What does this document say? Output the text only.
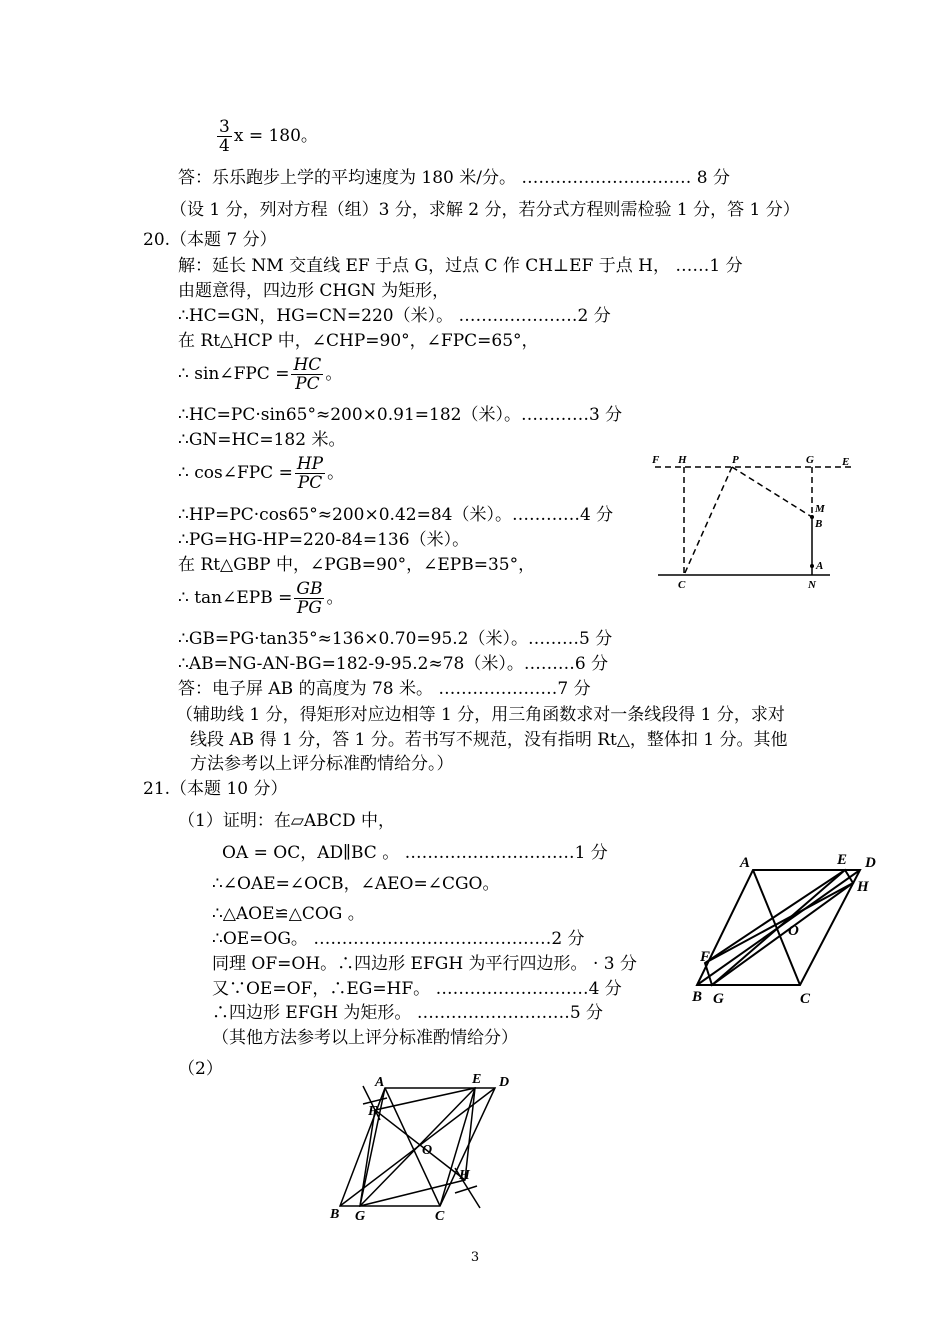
$\frac{3}{4}$ x = 180。
答：乐乐跑步上学的平均速度为 180 米/分。 ………………………… 8 分
（设 1 分，列对方程（组）3 分，求解 2 分，若分式方程则需检验 1 分，答 1 分）
20.（本题 7 分）
解：延长 NM 交直线 EF 于点 G，过点 C 作 CH⊥EF 于点 H， ……1 分
由题意得，四边形 CHGN 为矩形，
∴HC=GN，HG=CN=220（米）。 …………………2 分
在 Rt△HCP 中，∠CHP=90°，∠FPC=65°，
∴ sin∠FPC = $\frac{HC}{PC}$ 。
∴HC=PC·sin65°≈200×0.91=182（米）。…………3 分
∴GN=HC=182 米。
∴ cos∠FPC = $\frac{HP}{PC}$ 。
∴HP=PC·cos65°≈200×0.42=84（米）。…………4 分
∴PG=HG-HP=220-84=136（米）。
在 Rt△GBP 中，∠PGB=90°，∠EPB=35°，
∴ tan∠EPB = $\frac{GB}{PG}$ 。
∴GB=PG·tan35°≈136×0.70=95.2（米）。………5 分
∴AB=NG-AN-BG=182-9-95.2≈78（米）。………6 分
答：电子屏 AB 的高度为 78 米。 …………………7 分
（辅助线 1 分，得矩形对应边相等 1 分，用三角函数求对一条线段得 1 分，求对
线段 AB 得 1 分，答 1 分。若书写不规范，没有指明 Rt△，整体扣 1 分。其他
方法参考以上评分标准酌情给分。）
21.（本题 10 分）
（1）证明：在▱ABCD 中，
OA = OC，AD∥BC 。 …………………………1 分
∴∠OAE=∠OCB，∠AEO=∠CGO。
∴△AOE≌△COG 。
∴OE=OG。 ……………………………………2 分
同理 OF=OH。∴四边形 EFGH 为平行四边形。 · 3 分
又∵OE=OF，∴EG=HF。 ………………………4 分
∴四边形 EFGH 为矩形。 ………………………5 分
（其他方法参考以上评分标准酌情给分）
（2）
F H	P	G	E
M
B
A
C	N
A	E D
H
O
F
B G	C
A	E D
F
O
H
B G	C
3
